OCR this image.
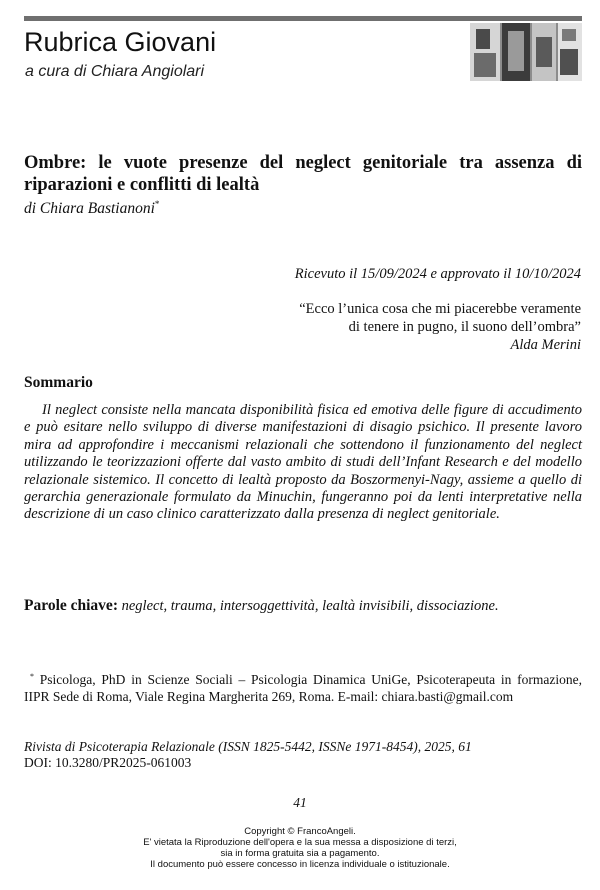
Rubrica Giovani
a cura di Chiara Angiolari
Ombre: le vuote presenze del neglect genitoriale tra assenza di riparazioni e conflitti di lealtà
di Chiara Bastianoni*
Ricevuto il 15/09/2024 e approvato il 10/10/2024
“Ecco l’unica cosa che mi piacerebbe veramente
di tenere in pugno, il suono dell’ombra”
Alda Merini
Sommario

Il neglect consiste nella mancata disponibilità fisica ed emotiva delle figure di accudimento e può esitare nello sviluppo di diverse manifestazioni di disagio psichico. Il presente lavoro mira ad approfondire i meccanismi relazionali che sottendono il funzionamento del neglect utilizzando le teorizzazioni offerte dal vasto ambito di studi dell’Infant Research e del modello relazionale sistemico. Il concetto di lealtà proposto da Boszormenyi-Nagy, assieme a quello di gerarchia generazionale formulato da Minuchin, fungeranno poi da lenti interpretative nella descrizione di un caso clinico caratterizzato dalla presenza di neglect genitoriale.

Parole chiave: neglect, trauma, intersoggettività, lealtà invisibili, dissociazione.

* Psicologa, PhD in Scienze Sociali – Psicologia Dinamica UniGe, Psicoterapeuta in formazione, IIPR Sede di Roma, Viale Regina Margherita 269, Roma. E-mail: chiara.basti@gmail.com

Rivista di Psicoterapia Relazionale (ISSN 1825-5442, ISSNe 1971-8454), 2025, 61
DOI: 10.3280/PR2025-061003
41
Copyright © FrancoAngeli.
E' vietata la Riproduzione dell'opera e la sua messa a disposizione di terzi,
sia in forma gratuita sia a pagamento.
Il documento può essere concesso in licenza individuale o istituzionale.
